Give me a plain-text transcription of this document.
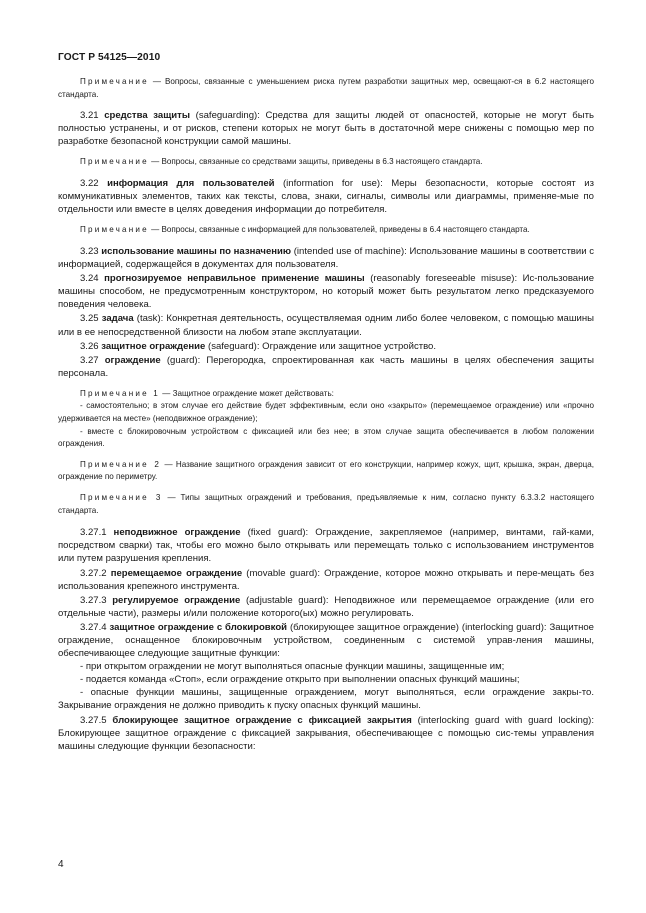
ГОСТ Р 54125—2010

Примечание — Вопросы, связанные с уменьшением риска путем разработки защитных мер, освещают-ся в 6.2 настоящего стандарта.

3.21 средства защиты (safeguarding): Средства для защиты людей от опасностей, которые не могут быть полностью устранены, и от рисков, степени которых не могут быть в достаточной мере снижены с помощью мер по разработке безопасной конструкции самой машины.

Примечание — Вопросы, связанные со средствами защиты, приведены в 6.3 настоящего стандарта.

3.22 информация для пользователей (information for use): Меры безопасности, которые состоят из коммуникативных элементов, таких как тексты, слова, знаки, сигналы, символы или диаграммы, применяе-мые по отдельности или вместе в целях доведения информации до потребителя.

Примечание — Вопросы, связанные с информацией для пользователей, приведены в 6.4 настоящего стандарта.

3.23 использование машины по назначению (intended use of machine): Использование машины в соответствии с информацией, содержащейся в документах для пользователя.

3.24 прогнозируемое неправильное применение машины (reasonably foreseeable misuse): Ис-пользование машины способом, не предусмотренным конструктором, но который может быть результатом легко предсказуемого поведения человека.

3.25 задача (task): Конкретная деятельность, осуществляемая одним либо более человеком, с помощью машины или в ее непосредственной близости на любом этапе эксплуатации.

3.26 защитное ограждение (safeguard): Ограждение или защитное устройство.

3.27 ограждение (guard): Перегородка, спроектированная как часть машины в целях обеспечения защиты персонала.

Примечание 1 — Защитное ограждение может действовать:

- самостоятельно; в этом случае его действие будет эффективным, если оно «закрыто» (перемещаемое ограждение) или «прочно удерживается на месте» (неподвижное ограждение);

- вместе с блокировочным устройством с фиксацией или без нее; в этом случае защита обеспечивается в любом положении ограждения.

Примечание 2 — Название защитного ограждения зависит от его конструкции, например кожух, щит, крышка, экран, дверца, ограждение по периметру.

Примечание 3 — Типы защитных ограждений и требования, предъявляемые к ним, согласно пункту 6.3.3.2 настоящего стандарта.

3.27.1 неподвижное ограждение (fixed guard): Ограждение, закрепляемое (например, винтами, гай-ками, посредством сварки) так, чтобы его можно было открывать или перемещать только с использованием инструментов или путем разрушения крепления.

3.27.2 перемещаемое ограждение (movable guard): Ограждение, которое можно открывать и пере-мещать без использования крепежного инструмента.

3.27.3 регулируемое ограждение (adjustable guard): Неподвижное или перемещаемое ограждение (или его отдельные части), размеры и/или положение которого(ых) можно регулировать.

3.27.4 защитное ограждение с блокировкой (блокирующее защитное ограждение) (interlocking guard): Защитное ограждение, оснащенное блокировочным устройством, соединенным с системой управ-ления машины, обеспечивающее следующие защитные функции:

- при открытом ограждении не могут выполняться опасные функции машины, защищенные им;

- подается команда «Стоп», если ограждение открыто при выполнении опасных функций машины;

- опасные функции машины, защищенные ограждением, могут выполняться, если ограждение закры-то. Закрывание ограждения не должно приводить к пуску опасных функций машины.

3.27.5 блокирующее защитное ограждение с фиксацией закрытия (interlocking guard with guard locking): Блокирующее защитное ограждение с фиксацией закрывания, обеспечивающее с помощью сис-темы управления машины следующие функции безопасности:

4
